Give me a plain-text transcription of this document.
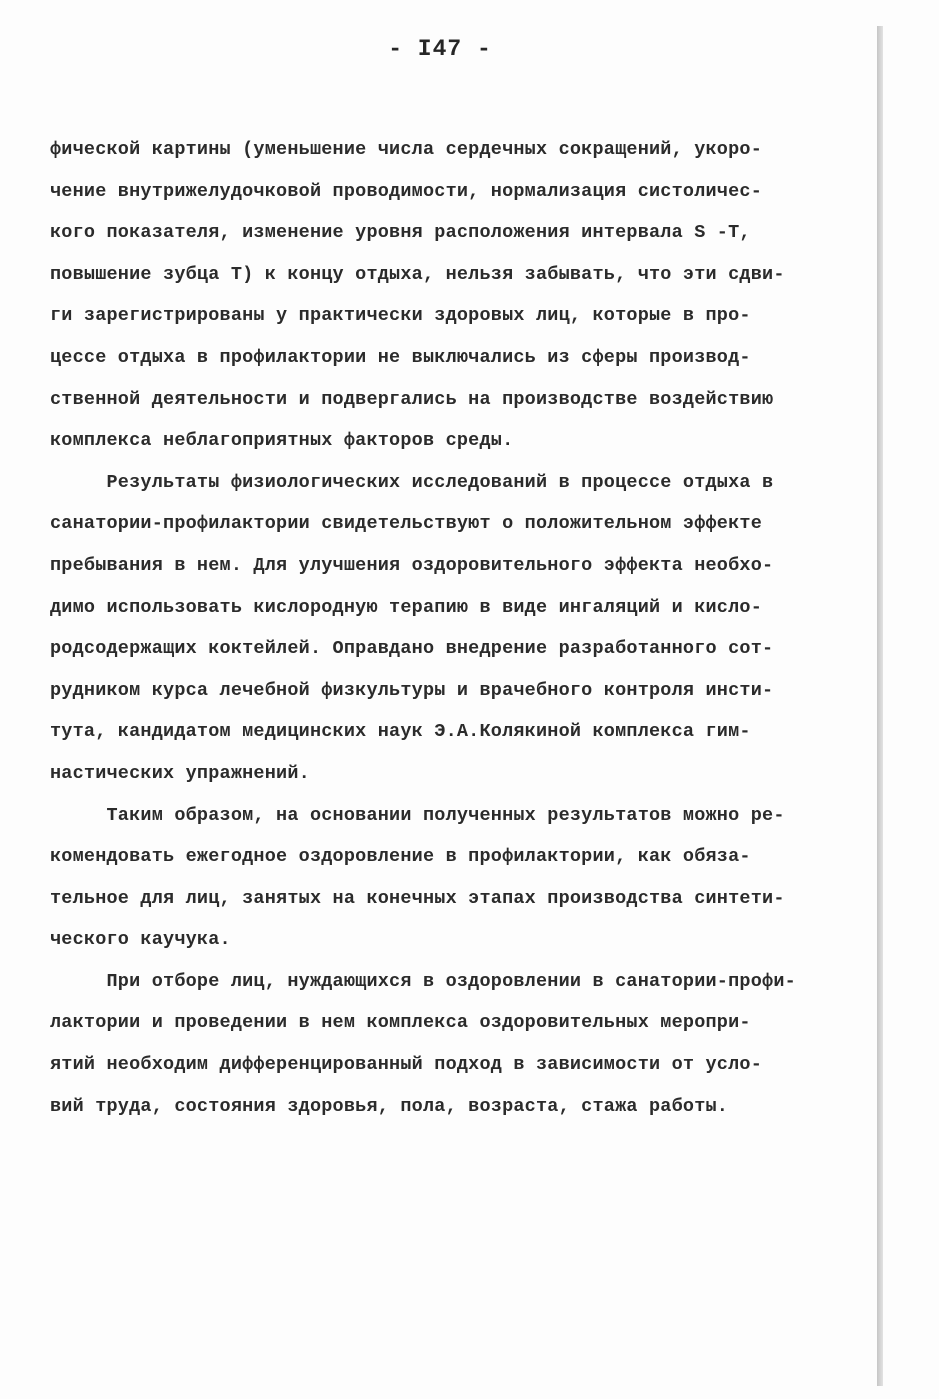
- I47 -
фической картины (уменьшение числа сердечных сокращений, укоро-
чение внутрижелудочковой проводимости, нормализация систоличес-
кого показателя, изменение уровня расположения интервала S -T,
повышение зубца Т) к концу отдыха, нельзя забывать, что эти сдви-
ги зарегистрированы у практически здоровых лиц, которые в про-
цессе отдыха в профилактории не выключались из сферы производ-
ственной деятельности и подвергались на производстве воздействию
комплекса неблагоприятных факторов среды.
Результаты физиологических исследований в процессе отдыха в
санатории-профилактории свидетельствуют о положительном эффекте
пребывания в нем. Для улучшения оздоровительного эффекта необхо-
димо использовать кислородную терапию в виде ингаляций и кисло-
родсодержащих коктейлей. Оправдано внедрение разработанного сот-
рудником курса лечебной физкультуры и врачебного контроля инсти-
тута, кандидатом медицинских наук Э.А.Колякиной комплекса гим-
настических упражнений.
Таким образом, на основании полученных результатов можно ре-
комендовать ежегодное оздоровление в профилактории, как обяза-
тельное для лиц, занятых на конечных этапах производства синтети-
ческого каучука.
При отборе лиц, нуждающихся в оздоровлении в санатории-профи-
лактории и проведении в нем комплекса оздоровительных меропри-
ятий необходим дифференцированный подход в зависимости от усло-
вий труда, состояния здоровья, пола, возраста, стажа работы.
